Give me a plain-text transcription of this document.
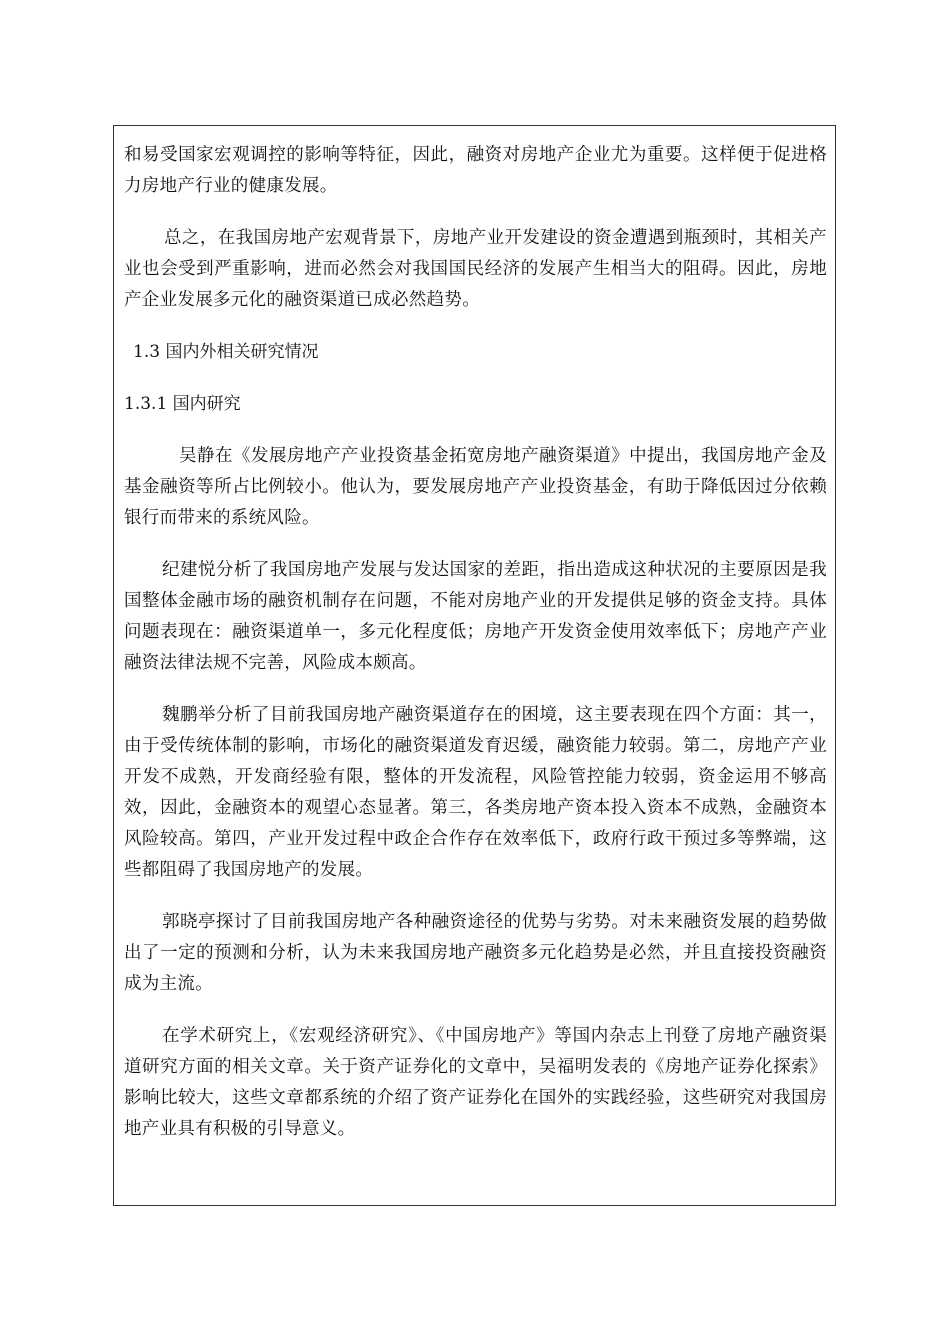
和易受国家宏观调控的影响等特征，因此，融资对房地产企业尤为重要。这样便于促进格力房地产行业的健康发展。

总之，在我国房地产宏观背景下，房地产业开发建设的资金遭遇到瓶颈时，其相关产业也会受到严重影响，进而必然会对我国国民经济的发展产生相当大的阻碍。因此，房地产企业发展多元化的融资渠道已成必然趋势。

1.3 国内外相关研究情况

1.3.1 国内研究

吴静在《发展房地产产业投资基金拓宽房地产融资渠道》中提出，我国房地产金及基金融资等所占比例较小。他认为，要发展房地产产业投资基金，有助于降低因过分依赖银行而带来的系统风险。

纪建悦分析了我国房地产发展与发达国家的差距，指出造成这种状况的主要原因是我国整体金融市场的融资机制存在问题，不能对房地产业的开发提供足够的资金支持。具体问题表现在：融资渠道单一，多元化程度低；房地产开发资金使用效率低下；房地产产业融资法律法规不完善，风险成本颇高。

魏鹏举分析了目前我国房地产融资渠道存在的困境，这主要表现在四个方面：其一，由于受传统体制的影响，市场化的融资渠道发育迟缓，融资能力较弱。第二，房地产产业开发不成熟，开发商经验有限，整体的开发流程，风险管控能力较弱，资金运用不够高效，因此，金融资本的观望心态显著。第三，各类房地产资本投入资本不成熟，金融资本风险较高。第四，产业开发过程中政企合作存在效率低下，政府行政干预过多等弊端，这些都阻碍了我国房地产的发展。

郭晓亭探讨了目前我国房地产各种融资途径的优势与劣势。对未来融资发展的趋势做出了一定的预测和分析，认为未来我国房地产融资多元化趋势是必然，并且直接投资融资成为主流。

在学术研究上，《宏观经济研究》、《中国房地产》等国内杂志上刊登了房地产融资渠道研究方面的相关文章。关于资产证券化的文章中，吴福明发表的《房地产证券化探索》影响比较大，这些文章都系统的介绍了资产证券化在国外的实践经验，这些研究对我国房地产业具有积极的引导意义。
